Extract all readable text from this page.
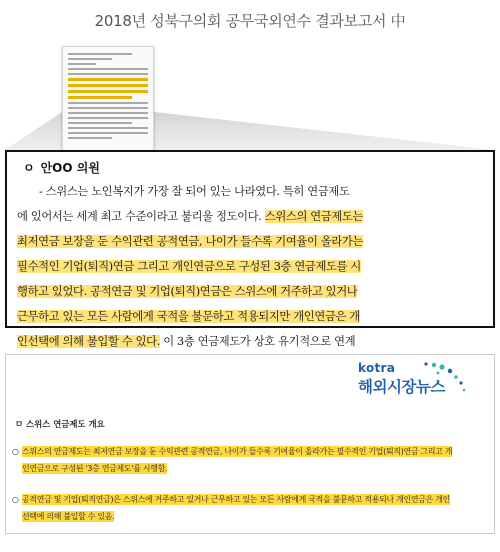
2018년 성북구의회 공무국외연수 결과보고서 中
ㅇ 안OO 의원
- 스위스는 노인복지가 가장 잘 되어 있는 나라였다. 특히 연금제도
에 있어서는 세계 최고 수준이라고 불리울 정도이다. 스위스의 연금제도는
최저연금 보장을 둔 수익관련 공적연금, 나이가 들수록 기여율이 올라가는
필수적인 기업(퇴직)연금 그리고 개인연금으로 구성된 3층 연금제도를 시
행하고 있었다. 공적연금 및 기업(퇴직)연금은 스위스에 거주하고 있거나
근무하고 있는 모든 사람에게 국적을 불문하고 적용되지만 개인연금은 개
인선택에 의해 불입할 수 있다. 이 3층 연금제도가 상호 유기적으로 연계
kotra
해외시장뉴스
ㅁ 스위스 연금제도 개요
○ 스위스의 연금제도는 최저연금 보장을 둔 수익관련 공적연금, 나이가 들수록 기여율이 올라가는 필수적인 기업(퇴직)연금 그리고 개
인연금으로 구성된 '3층 연금제도'를 시행함.
○ 공적연금 및 기업(퇴직연금)은 스위스에 거주하고 있거나 근무하고 있는 모든 사람에게 국적을 불문하고 적용되나 개인연금은 개인
선택에 의해 불입할 수 있음.
